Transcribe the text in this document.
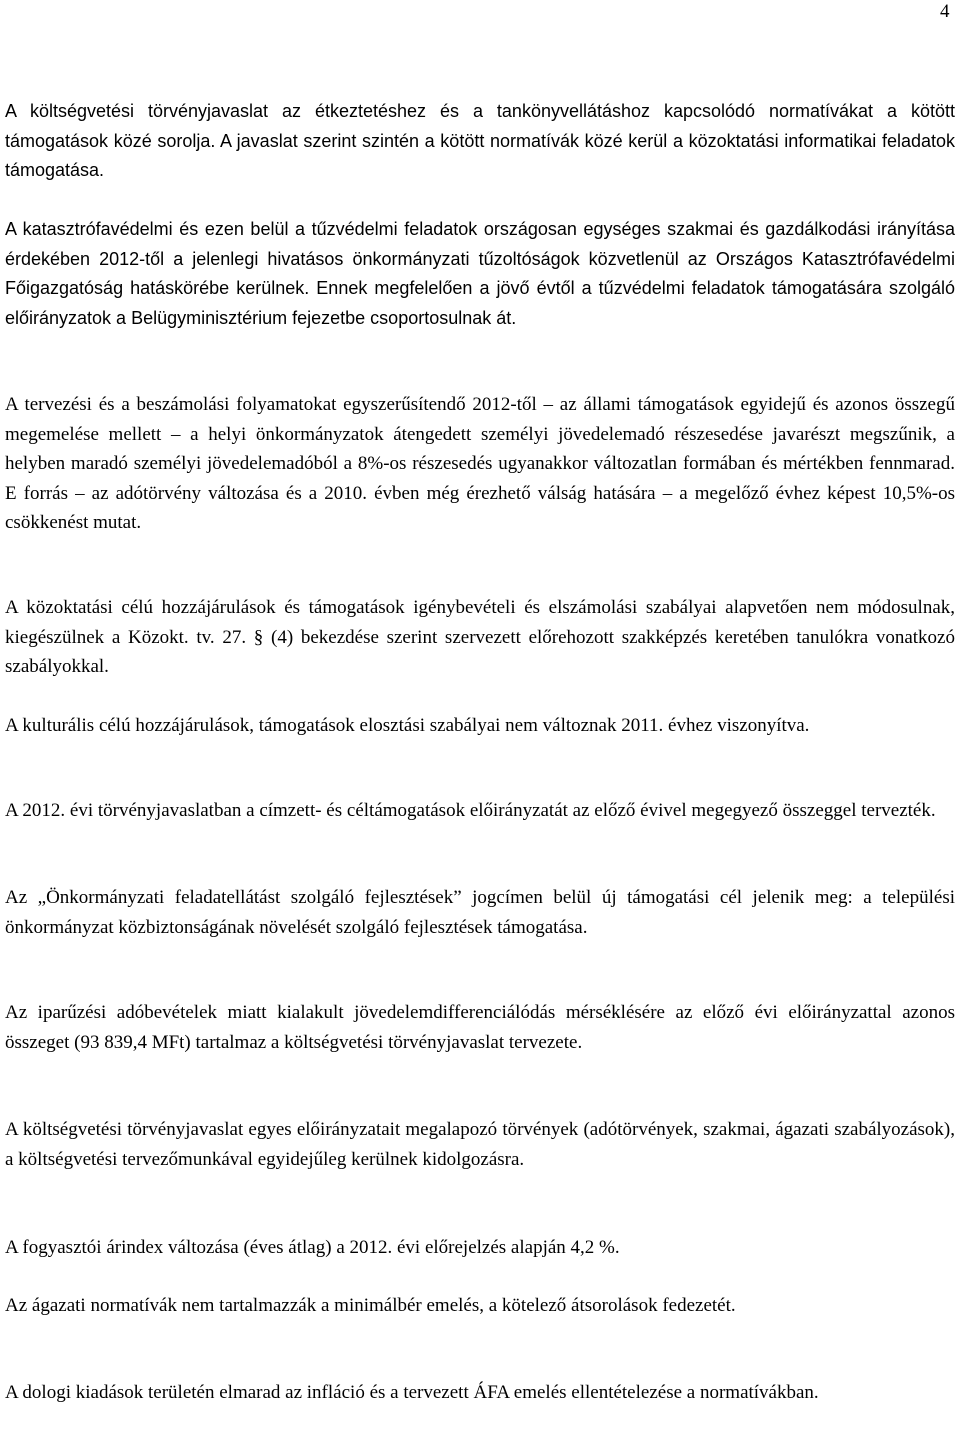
4

A költségvetési törvényjavaslat az étkeztetéshez és a tankönyvellátáshoz kapcsolódó normatívákat a kötött támogatások közé sorolja. A javaslat szerint szintén a kötött normatívák közé kerül a közoktatási informatikai feladatok támogatása.

A katasztrófavédelmi és ezen belül a tűzvédelmi feladatok országosan egységes szakmai és gazdálkodási irányítása érdekében 2012-től a jelenlegi hivatásos önkormányzati tűzoltóságok közvetlenül az Országos Katasztrófavédelmi Főigazgatóság hatáskörébe kerülnek. Ennek megfelelően a jövő évtől a tűzvédelmi feladatok támogatására szolgáló előirányzatok a Belügyminisztérium fejezetbe csoportosulnak át.

A tervezési és a beszámolási folyamatokat egyszerűsítendő 2012-től – az állami támogatások egyidejű és azonos összegű megemelése mellett – a helyi önkormányzatok átengedett személyi jövedelemadó részesedése javarészt megszűnik, a helyben maradó személyi jövedelemadóból a 8%-os részesedés ugyanakkor változatlan formában és mértékben fennmarad. E forrás – az adótörvény változása és a 2010. évben még érezhető válság hatására – a megelőző évhez képest 10,5%-os csökkenést mutat.

A közoktatási célú hozzájárulások és támogatások igénybevételi és elszámolási szabályai alapvetően nem módosulnak, kiegészülnek a Közokt. tv. 27. § (4) bekezdése szerint szervezett előrehozott szakképzés keretében tanulókra vonatkozó szabályokkal.

A kulturális célú hozzájárulások, támogatások elosztási szabályai nem változnak 2011. évhez viszonyítva.

A 2012. évi törvényjavaslatban a címzett- és céltámogatások előirányzatát az előző évivel megegyező összeggel tervezték.

Az „Önkormányzati feladatellátást szolgáló fejlesztések” jogcímen belül új támogatási cél jelenik meg: a települési önkormányzat közbiztonságának növelését szolgáló fejlesztések támogatása.

Az iparűzési adóbevételek miatt kialakult jövedelemdifferenciálódás mérséklésére az előző évi előirányzattal azonos összeget (93 839,4 MFt) tartalmaz a költségvetési törvényjavaslat tervezete.

A költségvetési törvényjavaslat egyes előirányzatait megalapozó törvények (adótörvények, szakmai, ágazati szabályozások), a költségvetési tervezőmunkával egyidejűleg kerülnek kidolgozásra.

A fogyasztói árindex változása (éves átlag) a 2012. évi előrejelzés alapján 4,2 %.

Az ágazati normatívák nem tartalmazzák a minimálbér emelés, a kötelező átsorolások fedezetét.

A dologi kiadások területén elmarad az infláció és a tervezett ÁFA emelés ellentételezése a normatívákban.
